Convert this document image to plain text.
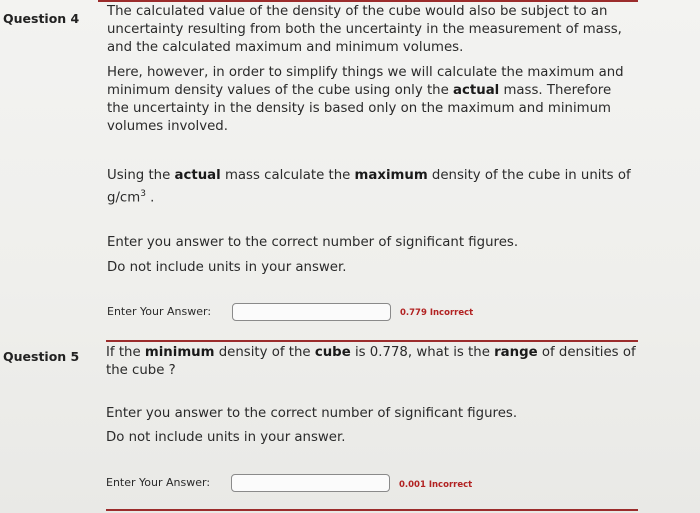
Question 4 The calculated value of the density of the cube would also be subject to an uncertainty resulting from both the uncertainty in the measurement of mass, and the calculated maximum and minimum volumes.
Here, however, in order to simplify things we will calculate the maximum and minimum density values of the cube using only the actual mass. Therefore the uncertainty in the density is based only on the maximum and minimum volumes involved.
Using the actual mass calculate the maximum density of the cube in units of $g/cm^3$ .
Enter you answer to the correct number of significant figures.
Do not include units in your answer.
Enter Your Answer:	0.779 Incorrect
Question 5 If the minimum density of the cube is 0.778, what is the range of densities of the cube ?
Enter you answer to the correct number of significant figures.
Do not include units in your answer.
Enter Your Answer:	0.001 Incorrect
